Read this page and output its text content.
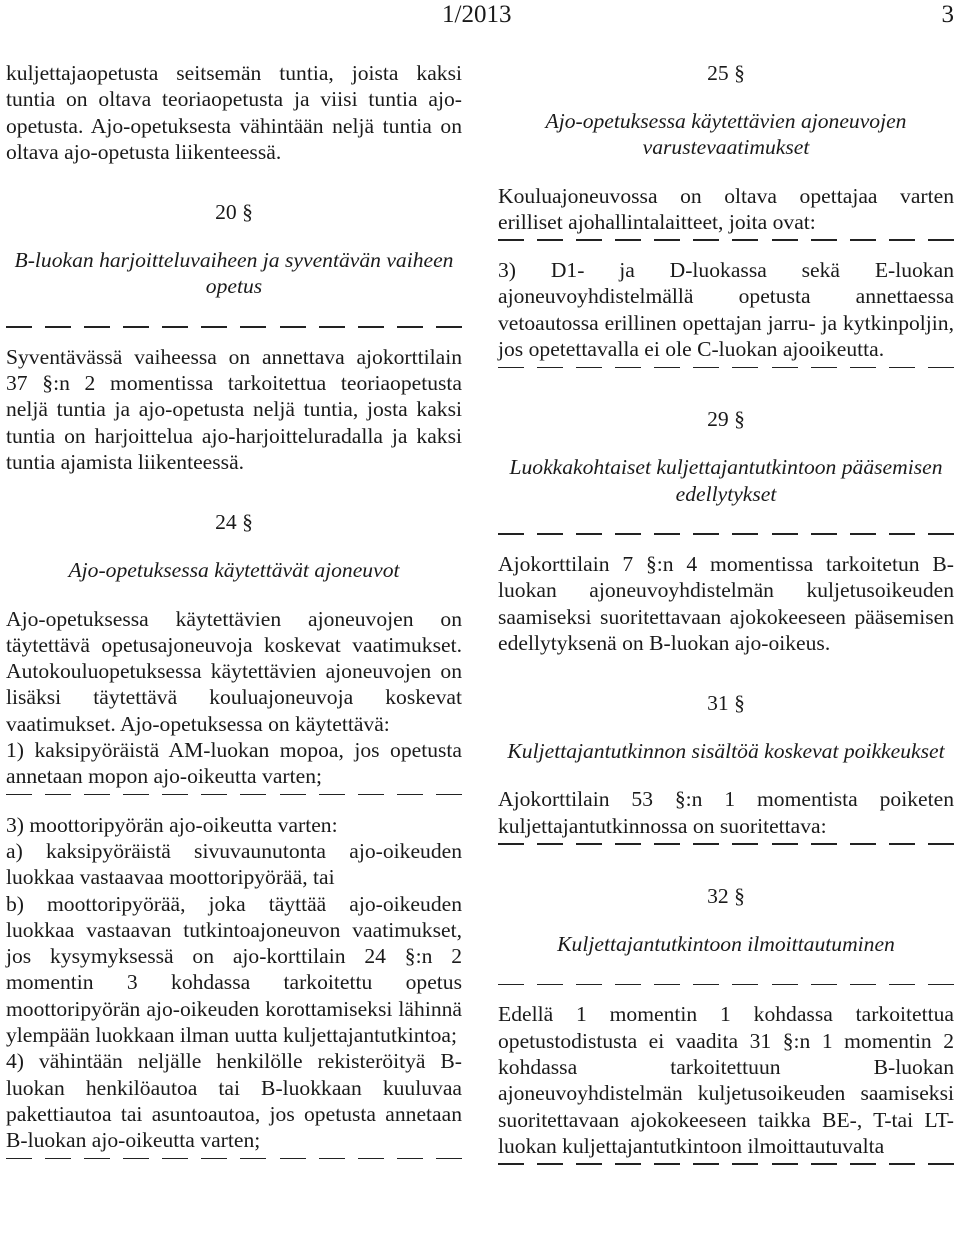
1/2013	3

kuljettajaopetusta seitsemän tuntia, joista kaksi tuntia on oltava teoriaopetusta ja viisi tuntia ajo-opetusta. Ajo-opetuksesta vähintään neljä tuntia on oltava ajo-opetusta liikenteessä.

20 §

B-luokan harjoitteluvaiheen ja syventävän vaiheen opetus

Syventävässä vaiheessa on annettava ajokorttilain 37 §:n 2 momentissa tarkoitettua teoriaopetusta neljä tuntia ja ajo-opetusta neljä tuntia, josta kaksi tuntia on harjoittelua ajo-harjoitteluradalla ja kaksi tuntia ajamista liikenteessä.

24 §

Ajo-opetuksessa käytettävät ajoneuvot

Ajo-opetuksessa käytettävien ajoneuvojen on täytettävä opetusajoneuvoja koskevat vaatimukset. Autokouluopetuksessa käytettävien ajoneuvojen on lisäksi täytettävä kouluajoneuvoja koskevat vaatimukset. Ajo-opetuksessa on käytettävä:

1) kaksipyöräistä AM-luokan mopoa, jos opetusta annetaan mopon ajo-oikeutta varten;

3) moottoripyörän ajo-oikeutta varten:

a) kaksipyöräistä sivuvaunutonta ajo-oikeuden luokkaa vastaavaa moottoripyörää, tai

b) moottoripyörää, joka täyttää ajo-oikeuden luokkaa vastaavan tutkintoajoneuvon vaatimukset, jos kysymyksessä on ajo-korttilain 24 §:n 2 momentin 3 kohdassa tarkoitettu opetus moottoripyörän ajo-oikeuden korottamiseksi lähinnä ylempään luokkaan ilman uutta kuljettajantutkintoa;

4) vähintään neljälle henkilölle rekisteröityä B-luokan henkilöautoa tai B-luokkaan kuuluvaa pakettiautoa tai asuntoautoa, jos opetusta annetaan B-luokan ajo-oikeutta varten;

25 §

Ajo-opetuksessa käytettävien ajoneuvojen varustevaatimukset

Kouluajoneuvossa on oltava opettajaa varten erilliset ajohallintalaitteet, joita ovat:

3) D1- ja D-luokassa sekä E-luokan ajoneuvoyhdistelmällä opetusta annettaessa vetoautossa erillinen opettajan jarru- ja kytkinpoljin, jos opetettavalla ei ole C-luokan ajooikeutta.

29 §

Luokkakohtaiset kuljettajantutkintoon pääsemisen edellytykset

Ajokorttilain 7 §:n 4 momentissa tarkoitetun B-luokan ajoneuvoyhdistelmän kuljetusoikeuden saamiseksi suoritettavaan ajokokeeseen pääsemisen edellytyksenä on B-luokan ajo-oikeus.

31 §

Kuljettajantutkinnon sisältöä koskevat poikkeukset

Ajokorttilain 53 §:n 1 momentista poiketen kuljettajantutkinnossa on suoritettava:

32 §

Kuljettajantutkintoon ilmoittautuminen

Edellä 1 momentin 1 kohdassa tarkoitettua opetustodistusta ei vaadita 31 §:n 1 momentin 2 kohdassa tarkoitettuun B-luokan ajoneuvoyhdistelmän kuljetusoikeuden saamiseksi suoritettavaan ajokokeeseen taikka BE-, T-tai LT-luokan kuljettajantutkintoon ilmoittautuvalta
